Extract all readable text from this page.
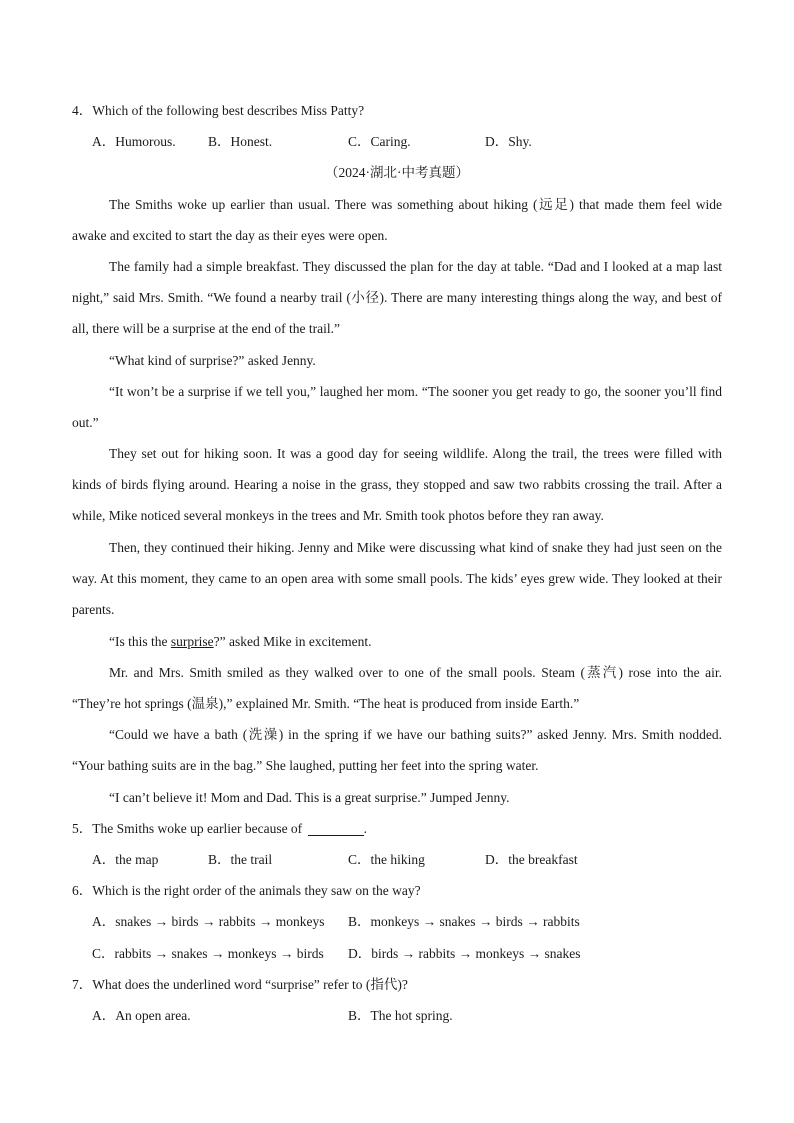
4．Which of the following best describes Miss Patty?
A．Humorous. B．Honest.	C．Caring.	D．Shy.
（2024·湖北·中考真题）

The Smiths woke up earlier than usual. There was something about hiking (远足) that made them feel wide awake and excited to start the day as their eyes were open.

The family had a simple breakfast. They discussed the plan for the day at table. “Dad and I looked at a map last night,” said Mrs. Smith. “We found a nearby trail (小径). There are many interesting things along the way, and best of all, there will be a surprise at the end of the trail.”

“What kind of surprise?” asked Jenny.

“It won’t be a surprise if we tell you,” laughed her mom. “The sooner you get ready to go, the sooner you’ll find out.”

They set out for hiking soon. It was a good day for seeing wildlife. Along the trail, the trees were filled with kinds of birds flying around. Hearing a noise in the grass, they stopped and saw two rabbits crossing the trail. After a while, Mike noticed several monkeys in the trees and Mr. Smith took photos before they ran away.

Then, they continued their hiking. Jenny and Mike were discussing what kind of snake they had just seen on the way. At this moment, they came to an open area with some small pools. The kids’ eyes grew wide. They looked at their parents.

“Is this the surprise?” asked Mike in excitement.

Mr. and Mrs. Smith smiled as they walked over to one of the small pools. Steam (蒸汽) rose into the air. “They’re hot springs (温泉),” explained Mr. Smith. “The heat is produced from inside Earth.”

“Could we have a bath (洗澡) in the spring if we have our bathing suits?” asked Jenny. Mrs. Smith nodded. “Your bathing suits are in the bag.” She laughed, putting her feet into the spring water.

“I can’t believe it! Mom and Dad. This is a great surprise.” Jumped Jenny.

5．The Smiths woke up earlier because of	.
A．the map	B．the trail	C．the hiking	D．the breakfast
6．Which is the right order of the animals they saw on the way?
A．snakes → birds → rabbits → monkeys B．monkeys → snakes → birds → rabbits
C．rabbits → snakes → monkeys → birds D．birds → rabbits → monkeys → snakes
7．What does the underlined word “surprise” refer to (指代)?
A．An open area.	B．The hot spring.
